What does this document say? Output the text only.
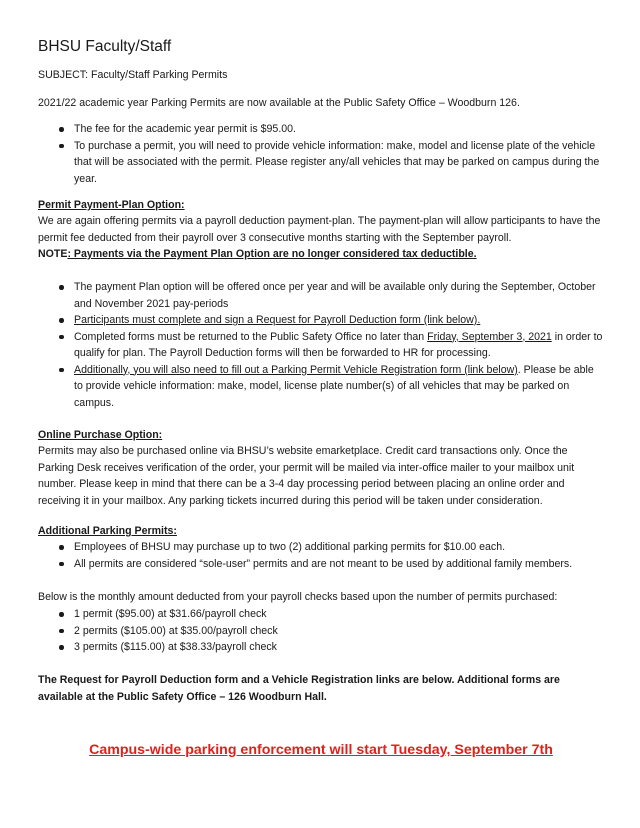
BHSU Faculty/Staff
SUBJECT: Faculty/Staff Parking Permits
2021/22 academic year Parking Permits are now available at the Public Safety Office – Woodburn 126.
The fee for the academic year permit is $95.00.
To purchase a permit, you will need to provide vehicle information: make, model and license plate of the vehicle that will be associated with the permit. Please register any/all vehicles that may be parked on campus during the year.
Permit Payment-Plan Option:
We are again offering permits via a payroll deduction payment-plan. The payment-plan will allow participants to have the permit fee deducted from their payroll over 3 consecutive months starting with the September payroll.
NOTE: Payments via the Payment Plan Option are no longer considered tax deductible.
The payment Plan option will be offered once per year and will be available only during the September, October and November 2021 pay-periods
Participants must complete and sign a Request for Payroll Deduction form (link below).
Completed forms must be returned to the Public Safety Office no later than Friday, September 3, 2021 in order to qualify for plan. The Payroll Deduction forms will then be forwarded to HR for processing.
Additionally, you will also need to fill out a Parking Permit Vehicle Registration form (link below). Please be able to provide vehicle information: make, model, license plate number(s) of all vehicles that may be parked on campus.
Online Purchase Option:
Permits may also be purchased online via BHSU’s website emarketplace. Credit card transactions only. Once the Parking Desk receives verification of the order, your permit will be mailed via inter-office mailer to your mailbox unit number. Please keep in mind that there can be a 3-4 day processing period between placing an online order and receiving it in your mailbox. Any parking tickets incurred during this period will be taken under consideration.
Additional Parking Permits:
Employees of BHSU may purchase up to two (2) additional parking permits for $10.00 each.
All permits are considered “sole-user” permits and are not meant to be used by additional family members.
Below is the monthly amount deducted from your payroll checks based upon the number of permits purchased:
1 permit ($95.00) at $31.66/payroll check
2 permits ($105.00) at $35.00/payroll check
3 permits ($115.00) at $38.33/payroll check
The Request for Payroll Deduction form and a Vehicle Registration links are below. Additional forms are available at the Public Safety Office – 126 Woodburn Hall.
Campus-wide parking enforcement will start Tuesday, September 7th
